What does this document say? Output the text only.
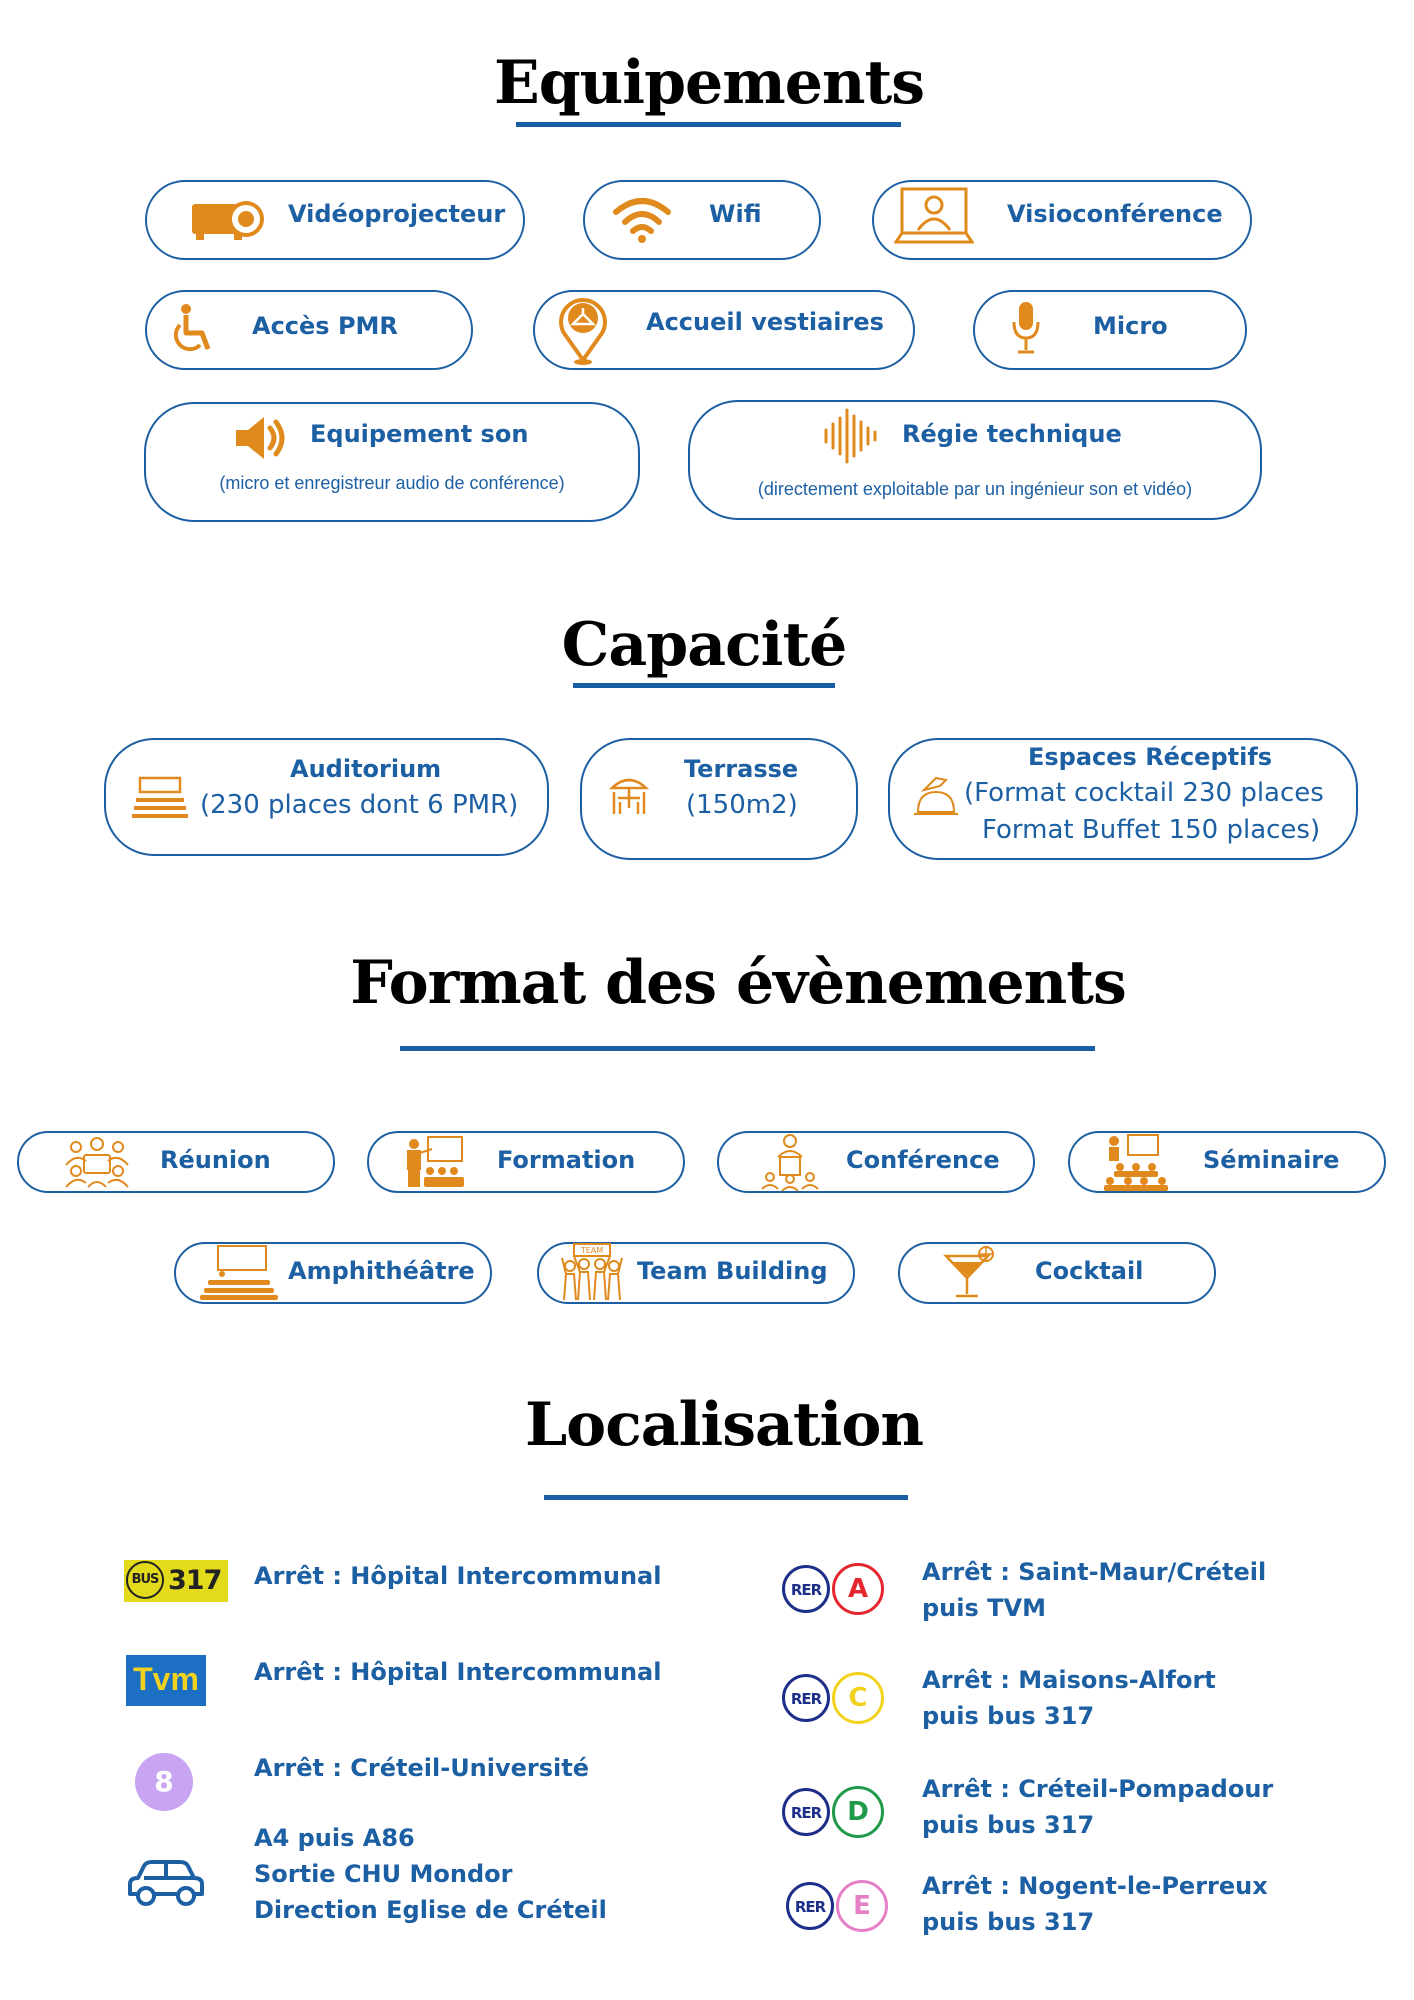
Equipements
Vidéoprojecteur	Wifi	Visioconférence
Accès PMR	Accueil vestiaires	Micro
Equipement son
(micro et enregistreur audio de conférence)
Régie technique
(directement exploitable par un ingénieur son et vidéo)
Capacité
Auditorium
(230 places dont 6 PMR)
Terrasse
(150m2)
Espaces Réceptifs
(Format cocktail 230 places
Format Buffet 150 places)
Format des évènements
Réunion	Formation	Conférence	Séminaire
Amphithéâtre
TEAM
Team Building	Cocktail
Localisation
BUS 317 Arrêt : Hôpital Intercommunal
Tvm Arrêt : Hôpital Intercommunal
8	Arrêt : Créteil-Université
A4 puis A86
Sortie CHU Mondor
Direction Eglise de Créteil
RER	A
Arrêt : Saint-Maur/Créteil
puis TVM
RER	C
Arrêt : Maisons-Alfort
puis bus 317
RER	D
Arrêt : Créteil-Pompadour
puis bus 317
RER	E
Arrêt : Nogent-le-Perreux
puis bus 317
